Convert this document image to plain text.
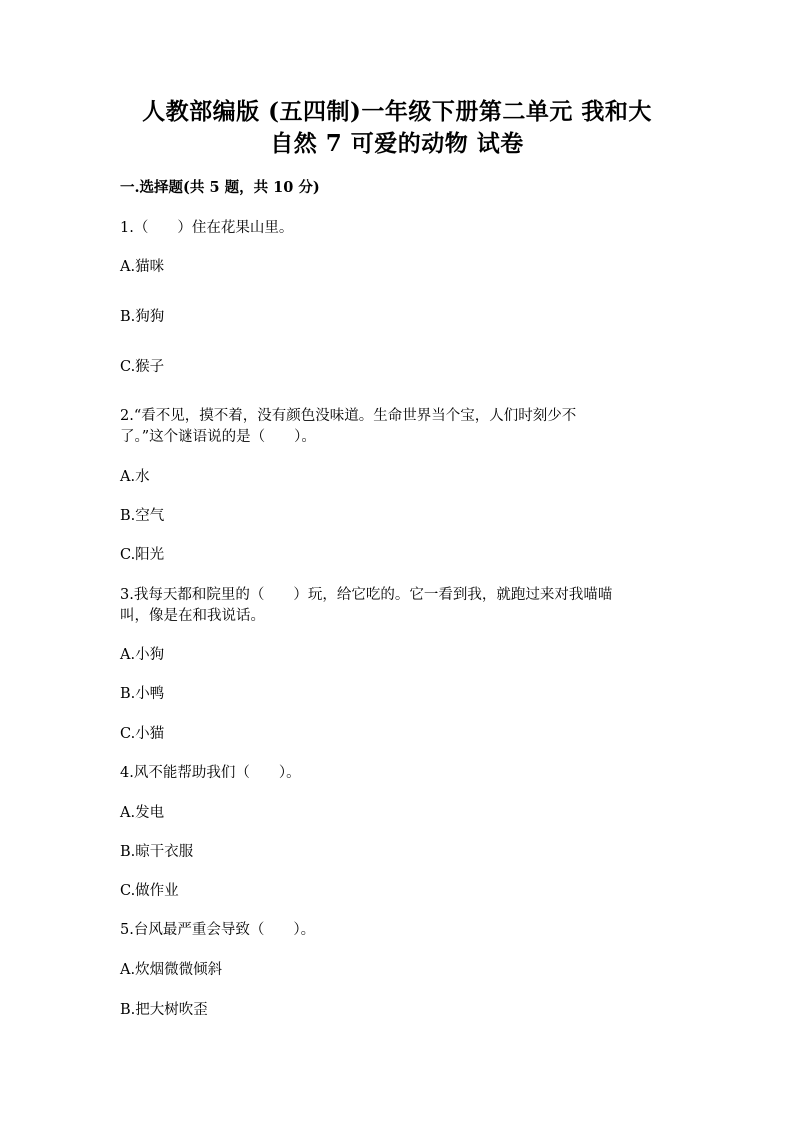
人教部编版 (五四制)一年级下册第二单元 我和大
自然 7 可爱的动物 试卷
一.选择题(共 5 题，共 10 分)
1.（　　）住在花果山里。
A.猫咪
B.狗狗
C.猴子
2.“看不见，摸不着，没有颜色没味道。生命世界当个宝，人们时刻少不
了。”这个谜语说的是（　　）。
A.水
B.空气
C.阳光
3.我每天都和院里的（　　）玩，给它吃的。它一看到我，就跑过来对我喵喵
叫，像是在和我说话。
A.小狗
B.小鸭
C.小猫
4.风不能帮助我们（　　）。
A.发电
B.晾干衣服
C.做作业
5.台风最严重会导致（　　）。
A.炊烟微微倾斜
B.把大树吹歪
